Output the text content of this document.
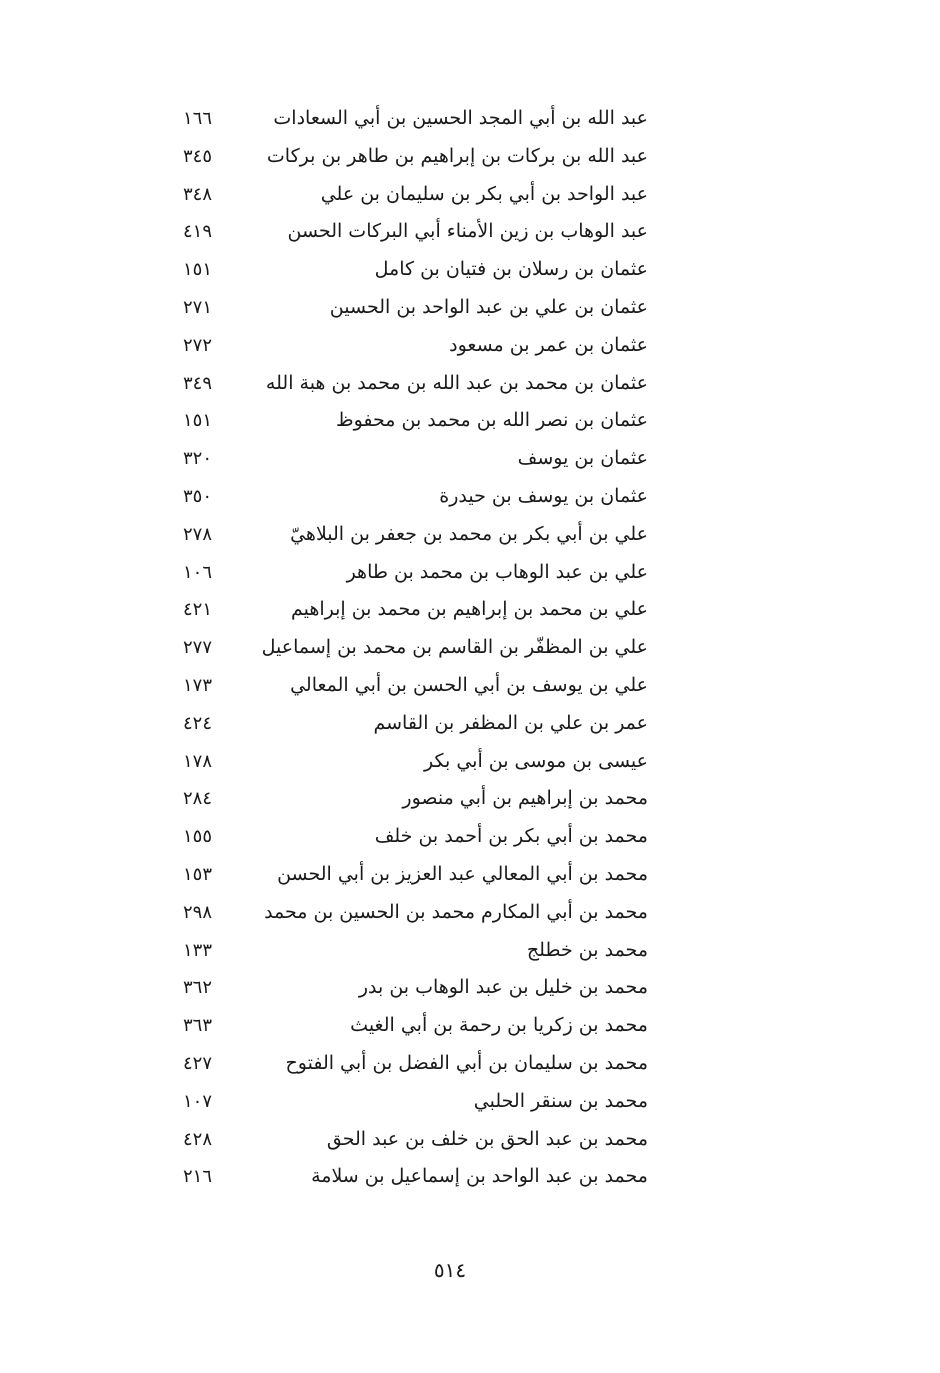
عبد الله بن أبي المجد الحسين بن أبي السعادات
١٦٦
عبد الله بن بركات بن إبراهيم بن طاهر بن بركات
٣٤٥
عبد الواحد بن أبي بكر بن سليمان بن علي
٣٤٨
عبد الوهاب بن زين الأمناء أبي البركات الحسن
٤١٩
عثمان بن رسلان بن فتيان بن كامل
١٥١
عثمان بن علي بن عبد الواحد بن الحسين
٢٧١
عثمان بن عمر بن مسعود
٢٧٢
عثمان بن محمد بن عبد الله بن محمد بن هبة الله
٣٤٩
عثمان بن نصر الله بن محمد بن محفوظ
١٥١
عثمان بن يوسف
٣٢٠
عثمان بن يوسف بن حيدرة
٣٥٠
علي بن أبي بكر بن محمد بن جعفر بن البلاهيّ
٢٧٨
علي بن عبد الوهاب بن محمد بن طاهر
١٠٦
علي بن محمد بن إبراهيم بن محمد بن إبراهيم
٤٢١
علي بن المظفّر بن القاسم بن محمد بن إسماعيل
٢٧٧
علي بن يوسف بن أبي الحسن بن أبي المعالي
١٧٣
عمر بن علي بن المظفر بن القاسم
٤٢٤
عيسى بن موسى بن أبي بكر
١٧٨
محمد بن إبراهيم بن أبي منصور
٢٨٤
محمد بن أبي بكر بن أحمد بن خلف
١٥٥
محمد بن أبي المعالي عبد العزيز بن أبي الحسن
١٥٣
محمد بن أبي المكارم محمد بن الحسين بن محمد
٢٩٨
محمد بن خطلج
١٣٣
محمد بن خليل بن عبد الوهاب بن بدر
٣٦٢
محمد بن زكريا بن رحمة بن أبي الغيث
٣٦٣
محمد بن سليمان بن أبي الفضل بن أبي الفتوح
٤٢٧
محمد بن سنقر الحلبي
١٠٧
محمد بن عبد الحق بن خلف بن عبد الحق
٤٢٨
محمد بن عبد الواحد بن إسماعيل بن سلامة
٢١٦
٥١٤
